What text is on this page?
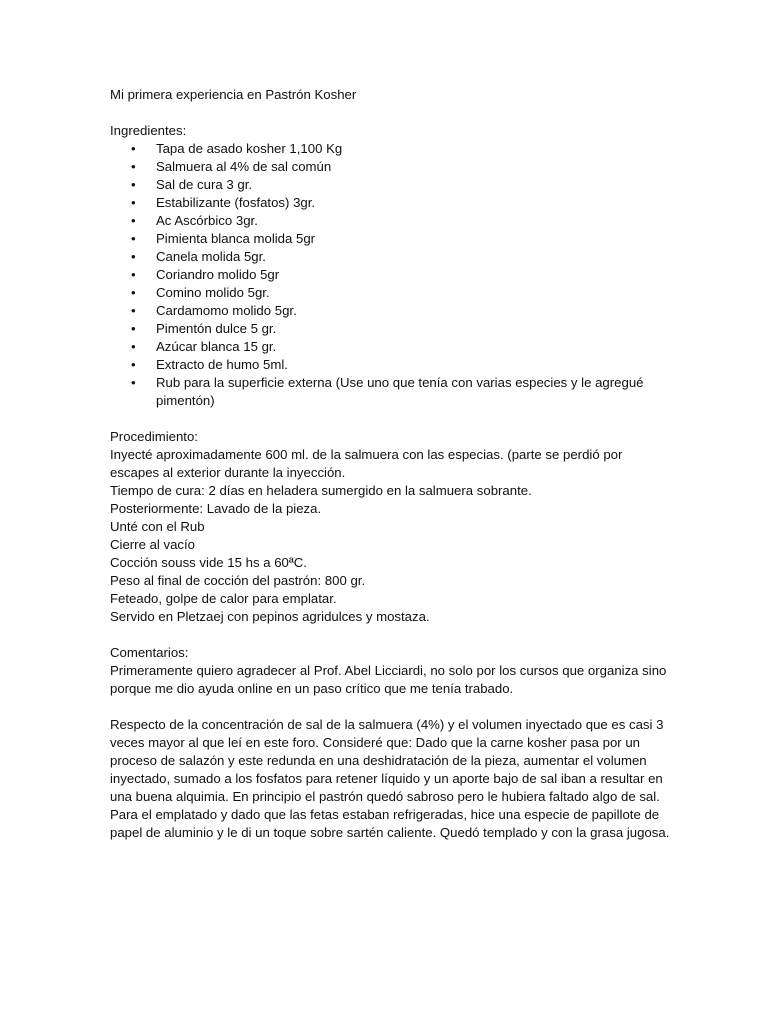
Mi primera experiencia en Pastrón Kosher
Ingredientes:
• Tapa de asado kosher 1,100 Kg
• Salmuera al 4% de sal común
• Sal de cura 3 gr.
• Estabilizante (fosfatos) 3gr.
• Ac Ascórbico 3gr.
• Pimienta blanca molida 5gr
• Canela molida 5gr.
• Coriandro molido 5gr
• Comino molido 5gr.
• Cardamomo molido 5gr.
• Pimentón dulce 5 gr.
• Azúcar blanca 15 gr.
• Extracto de humo 5ml.
• Rub para la superficie externa (Use uno que tenía con varias especies y le agregué pimentón)
Procedimiento:

Inyecté aproximadamente 600 ml. de la salmuera con las especias. (parte se perdió por escapes al exterior durante la inyección.

Tiempo de cura: 2 días en heladera sumergido en la salmuera sobrante.

Posteriormente: Lavado de la pieza.

Unté con el Rub

Cierre al vacío

Cocción souss vide 15 hs a 60ªC.

Peso al final de cocción del pastrón: 800 gr.

Feteado, golpe de calor para emplatar.

Servido en Pletzaej con pepinos agridulces y mostaza.

Comentarios:

Primeramente quiero agradecer al Prof. Abel Licciardi, no solo por los cursos que organiza sino porque me dio ayuda online en un paso crítico que me tenía trabado.

Respecto de la concentración de sal de la salmuera (4%) y el volumen inyectado que es casi 3 veces mayor al que leí en este foro. Consideré que: Dado que la carne kosher pasa por un proceso de salazón y este redunda en una deshidratación de la pieza, aumentar el volumen inyectado, sumado a los fosfatos para retener líquido y un aporte bajo de sal iban a resultar en una buena alquimia. En principio el pastrón quedó sabroso pero le hubiera faltado algo de sal.

Para el emplatado y dado que las fetas estaban refrigeradas, hice una especie de papillote de papel de aluminio y le di un toque sobre sartén caliente. Quedó templado y con la grasa jugosa.
